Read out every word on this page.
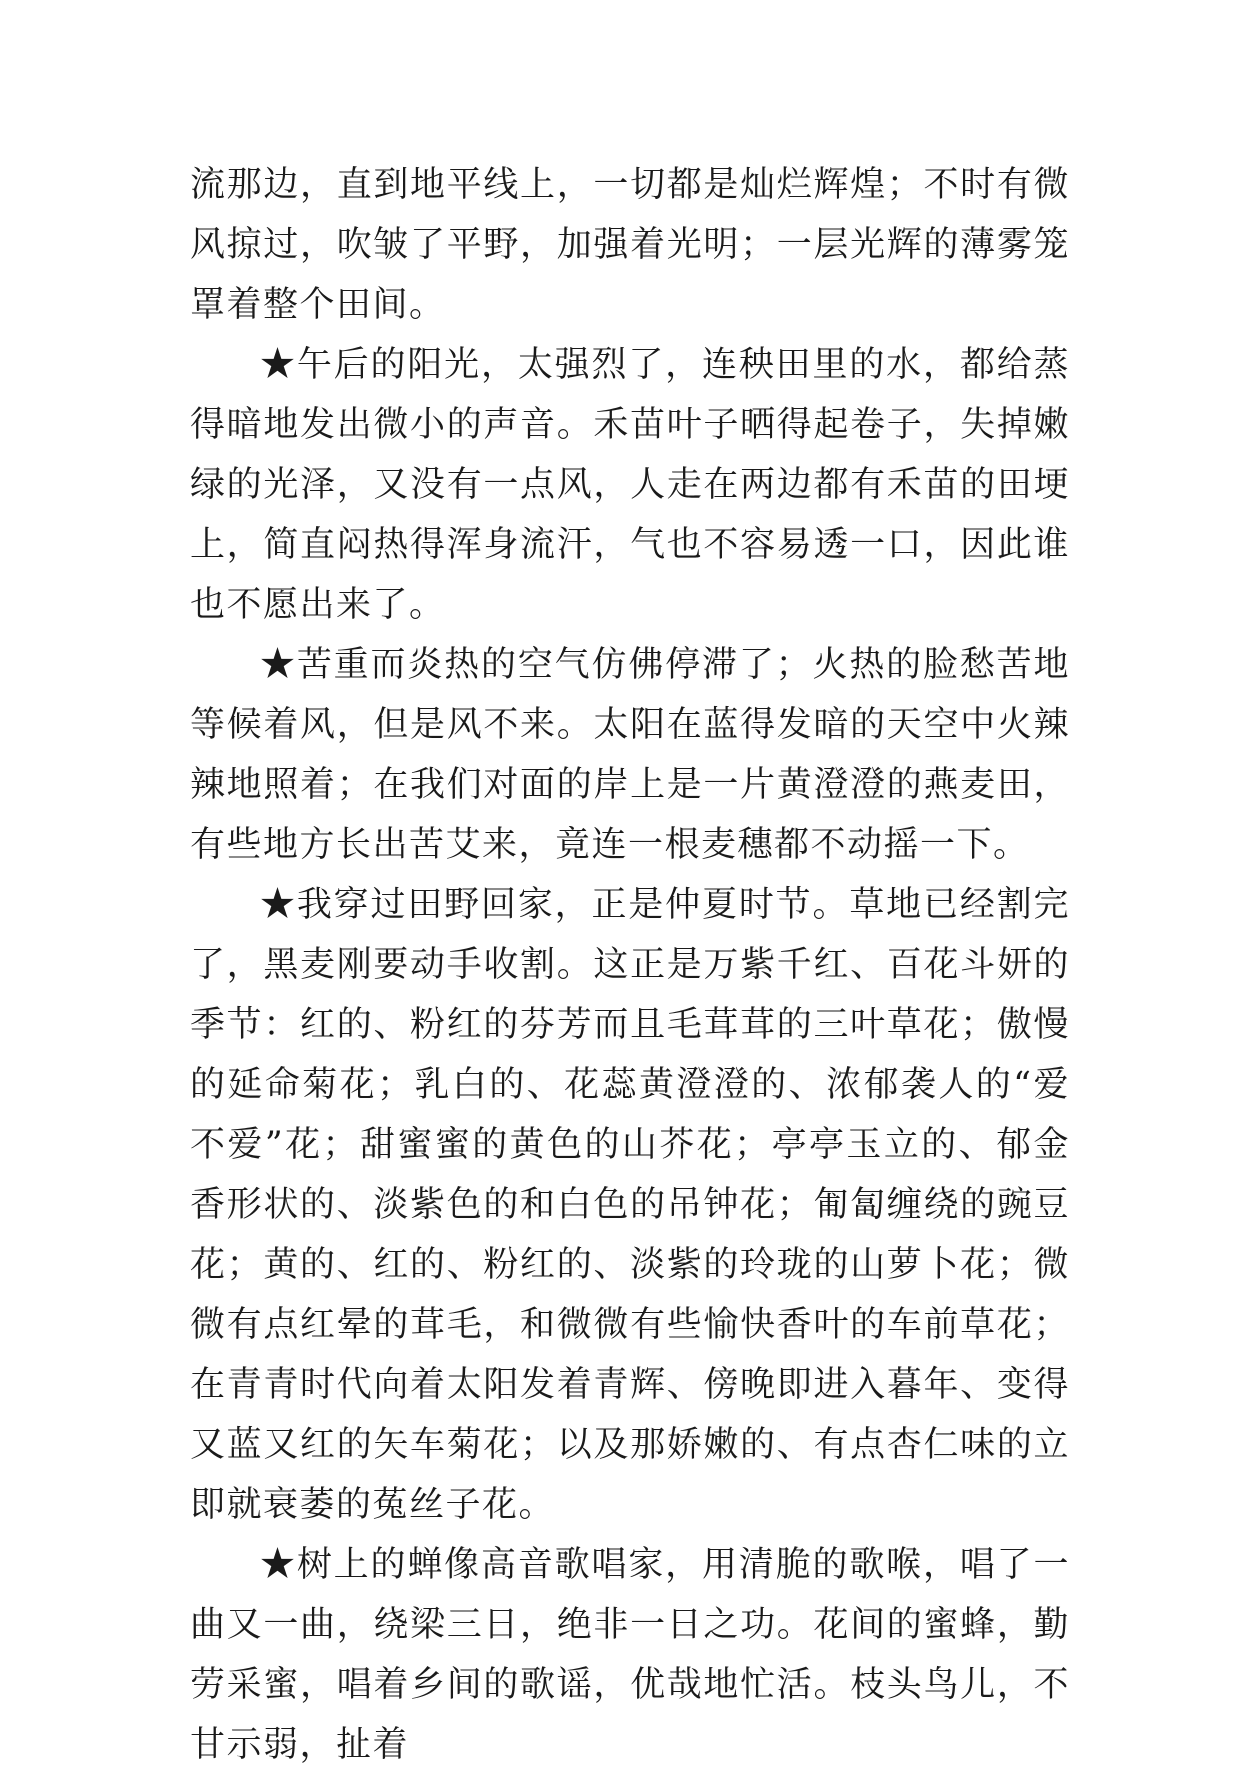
流那边，直到地平线上，一切都是灿烂辉煌；不时有微风掠过，吹皱了平野，加强着光明；一层光辉的薄雾笼罩着整个田间。

★午后的阳光，太强烈了，连秧田里的水，都给蒸得暗地发出微小的声音。禾苗叶子晒得起卷子，失掉嫩绿的光泽，又没有一点风，人走在两边都有禾苗的田埂上，简直闷热得浑身流汗，气也不容易透一口，因此谁也不愿出来了。

★苦重而炎热的空气仿佛停滞了；火热的脸愁苦地等候着风，但是风不来。太阳在蓝得发暗的天空中火辣辣地照着；在我们对面的岸上是一片黄澄澄的燕麦田，有些地方长出苦艾来，竟连一根麦穗都不动摇一下。

★我穿过田野回家，正是仲夏时节。草地已经割完了，黑麦刚要动手收割。这正是万紫千红、百花斗妍的季节：红的、粉红的芬芳而且毛茸茸的三叶草花；傲慢的延命菊花；乳白的、花蕊黄澄澄的、浓郁袭人的“爱不爱”花；甜蜜蜜的黄色的山芥花；亭亭玉立的、郁金香形状的、淡紫色的和白色的吊钟花；匍匐缠绕的豌豆花；黄的、红的、粉红的、淡紫的玲珑的山萝卜花；微微有点红晕的茸毛，和微微有些愉快香叶的车前草花；在青青时代向着太阳发着青辉、傍晚即进入暮年、变得又蓝又红的矢车菊花；以及那娇嫩的、有点杏仁味的立即就衰萎的菟丝子花。

★树上的蝉像高音歌唱家，用清脆的歌喉，唱了一曲又一曲，绕梁三日，绝非一日之功。花间的蜜蜂，勤劳采蜜，唱着乡间的歌谣，优哉地忙活。枝头鸟儿，不甘示弱，扯着
